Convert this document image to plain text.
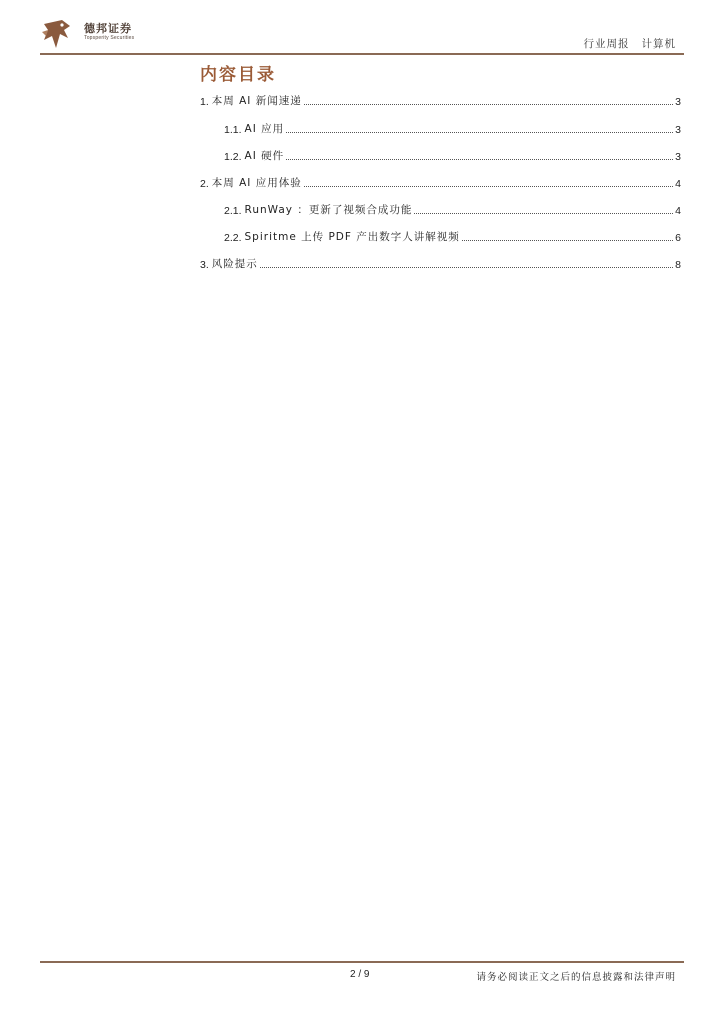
德邦证券
Topsperity Securities	行业周报 计算机
内容目录
1. 本周 AI 新闻速递	3
1.1. AI 应用	3
1.2. AI 硬件	3
2. 本周 AI 应用体验	4
2.1. RunWay ：更新了视频合成功能	4
2.2. Spiritme 上传 PDF 产出数字人讲解视频	6
3. 风险提示	8
2 / 9	请务必阅读正文之后的信息披露和法律声明
